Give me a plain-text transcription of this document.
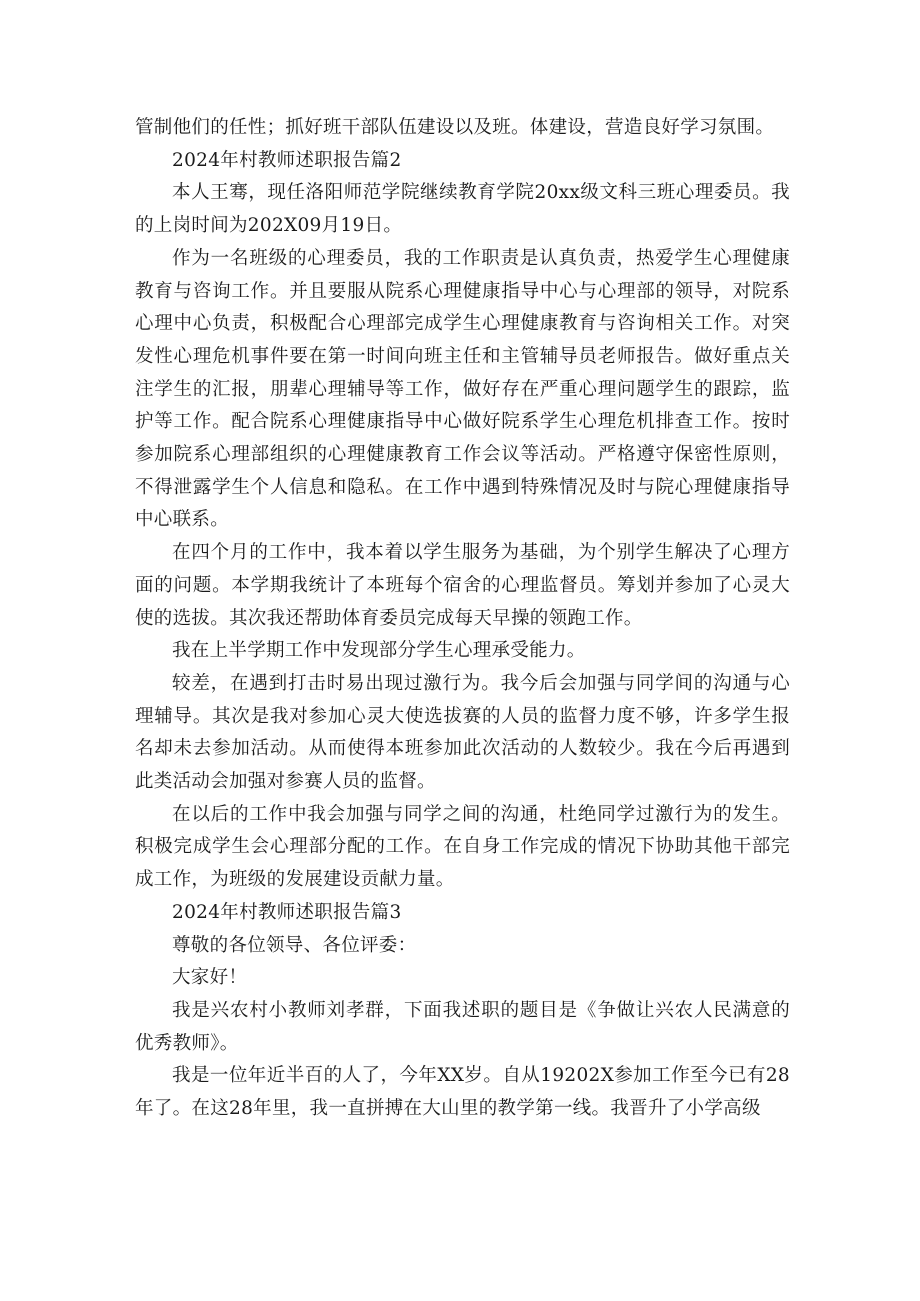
管制他们的任性；抓好班干部队伍建设以及班。体建设，营造良好学习氛围。

2024年村教师述职报告篇2

本人王骞，现任洛阳师范学院继续教育学院20xx级文科三班心理委员。我的上岗时间为202X09月19日。

作为一名班级的心理委员，我的工作职责是认真负责，热爱学生心理健康教育与咨询工作。并且要服从院系心理健康指导中心与心理部的领导，对院系心理中心负责，积极配合心理部完成学生心理健康教育与咨询相关工作。对突发性心理危机事件要在第一时间向班主任和主管辅导员老师报告。做好重点关注学生的汇报，朋辈心理辅导等工作，做好存在严重心理问题学生的跟踪，监护等工作。配合院系心理健康指导中心做好院系学生心理危机排查工作。按时参加院系心理部组织的心理健康教育工作会议等活动。严格遵守保密性原则，不得泄露学生个人信息和隐私。在工作中遇到特殊情况及时与院心理健康指导中心联系。

在四个月的工作中，我本着以学生服务为基础，为个别学生解决了心理方面的问题。本学期我统计了本班每个宿舍的心理监督员。筹划并参加了心灵大使的选拔。其次我还帮助体育委员完成每天早操的领跑工作。

我在上半学期工作中发现部分学生心理承受能力。

较差，在遇到打击时易出现过激行为。我今后会加强与同学间的沟通与心理辅导。其次是我对参加心灵大使选拔赛的人员的监督力度不够，许多学生报名却未去参加活动。从而使得本班参加此次活动的人数较少。我在今后再遇到此类活动会加强对参赛人员的监督。

在以后的工作中我会加强与同学之间的沟通，杜绝同学过激行为的发生。积极完成学生会心理部分配的工作。在自身工作完成的情况下协助其他干部完成工作，为班级的发展建设贡献力量。

2024年村教师述职报告篇3

尊敬的各位领导、各位评委：

大家好！

我是兴农村小教师刘孝群，下面我述职的题目是《争做让兴农人民满意的优秀教师》。

我是一位年近半百的人了，今年XX岁。自从19202X参加工作至今已有28年了。在这28年里，我一直拼搏在大山里的教学第一线。我晋升了小学高级
